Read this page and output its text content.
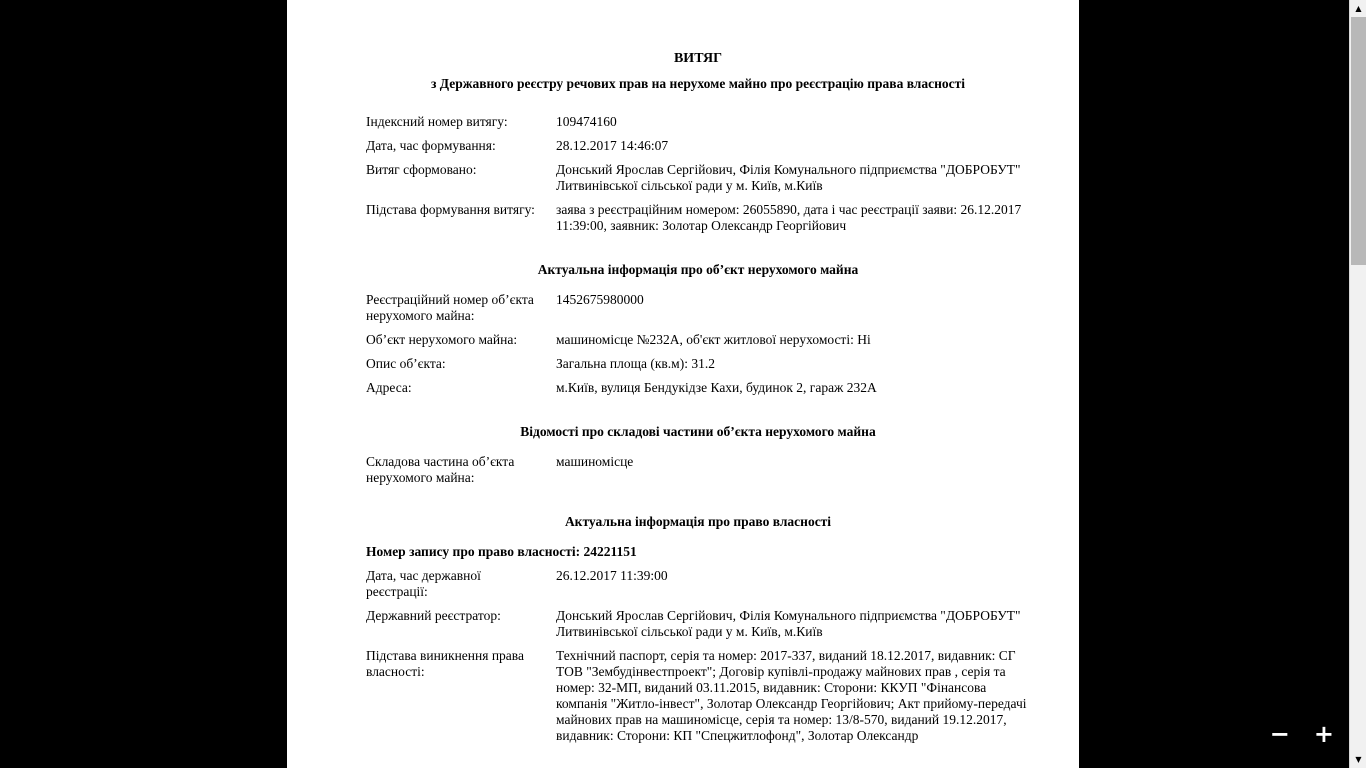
ВИТЯГ
з Державного реєстру речових прав на нерухоме майно про реєстрацію права власності
Індексний номер витягу:	109474160
Дата, час формування:	28.12.2017 14:46:07
Витяг сформовано:	Донський Ярослав Сергійович, Філія Комунального підприємства "ДОБРОБУТ" Литвинівської сільської ради у м. Київ, м.Київ
Підстава формування витягу:	заява з реєстраційним номером: 26055890, дата і час реєстрації заяви: 26.12.2017 11:39:00, заявник: Золотар Олександр Георгійович
Актуальна інформація про об’єкт нерухомого майна
Реєстраційний номер об’єкта нерухомого майна:
1452675980000
Об’єкт нерухомого майна:	машиномісце №232А, об'єкт житлової нерухомості: Ні
Опис об’єкта:	Загальна площа (кв.м): 31.2
Адреса:	м.Київ, вулиця Бендукідзе Кахи, будинок 2, гараж 232А
Відомості про складові частини об’єкта нерухомого майна
Складова частина об’єкта нерухомого майна:
машиномісце
Актуальна інформація про право власності
Номер запису про право власності: 24221151
Дата, час державної реєстрації:
26.12.2017 11:39:00
Державний реєстратор:	Донський Ярослав Сергійович, Філія Комунального підприємства "ДОБРОБУТ" Литвинівської сільської ради у м. Київ, м.Київ
Підстава виникнення права власності:
Технічний паспорт, серія та номер: 2017-337, виданий 18.12.2017, видавник: СГ ТОВ "Зембудінвестпроект"; Договір купівлі-продажу майнових прав , серія та номер: 32-МП, виданий 03.11.2015, видавник: Сторони: ККУП "Фінансова компанія "Житло-інвест", Золотар Олександр Георгійович; Акт прийому-передачі майнових прав на машиномісце, серія та номер: 13/8-570, виданий 19.12.2017, видавник: Сторони: КП "Спецжитлофонд", Золотар Олександр
▲
▼
− +
